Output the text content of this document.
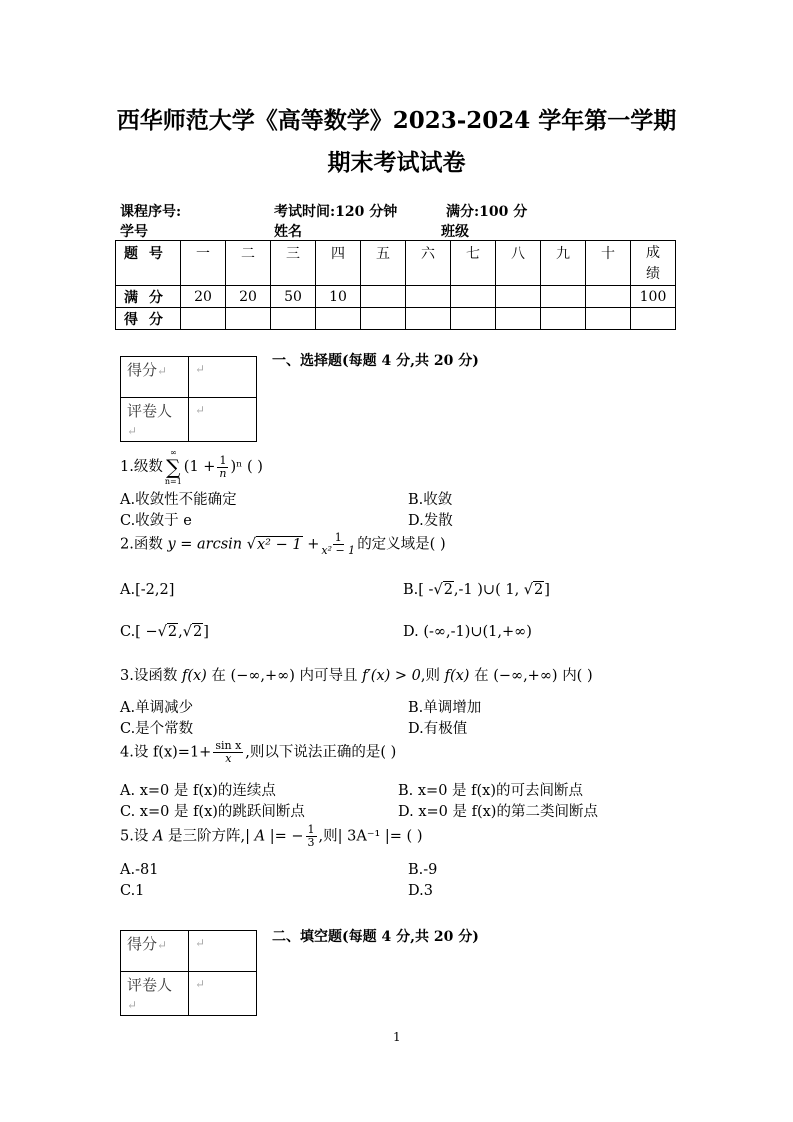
西华师范大学《高等数学》2023-2024 学年第一学期
期末考试试卷
课程序号:	考试时间:120 分钟	满分:100 分
学号	姓名	班级
题 号	一	二	三	四	五	六	七	八	九	十	成绩
满 分	20	20	50	10							100
得 分											
得分↵	↵
评卷人↵	↵
一、选择题(每题 4 分,共 20 分)
1.级数
∞
∑
n=1
$(1 + \frac{1}{n} )^n$ ( )
A.收敛性不能确定	B.收敛
C.收敛于 e	D.发散
2.函数 $y = \arcsin √x^2 - 1 + \frac{1}{\text{x² − 1}}$ 的定义域是( )
A.[-2,2]	B.[ -√2,-1 )∪( 1, √2]
C.[ −√2,√2]	D. (-∞,-1)∪(1,+∞)
3.设函数 f(x) 在 (−∞,+∞) 内可导且 f′(x) > 0,则 f(x) 在 (−∞,+∞) 内( )
A.单调减少	B.单调增加
C.是个常数	D.有极值
4.设 $f(x)=1+ \frac{\text{sin x}}{x}$ ,则以下说法正确的是( )
A. x=0 是 f(x)的连续点	B. x=0 是 f(x)的可去间断点
C. x=0 是 f(x)的跳跃间断点	D. x=0 是 f(x)的第二类间断点
5.设 A 是三阶方阵,| A |= − $\frac{1}{3}$ ,则| 3A⁻¹ |= ( )
A.-81	B.-9
C.1	D.3
得分↵	↵
评卷人↵	↵
二、填空题(每题 4 分,共 20 分)
1
